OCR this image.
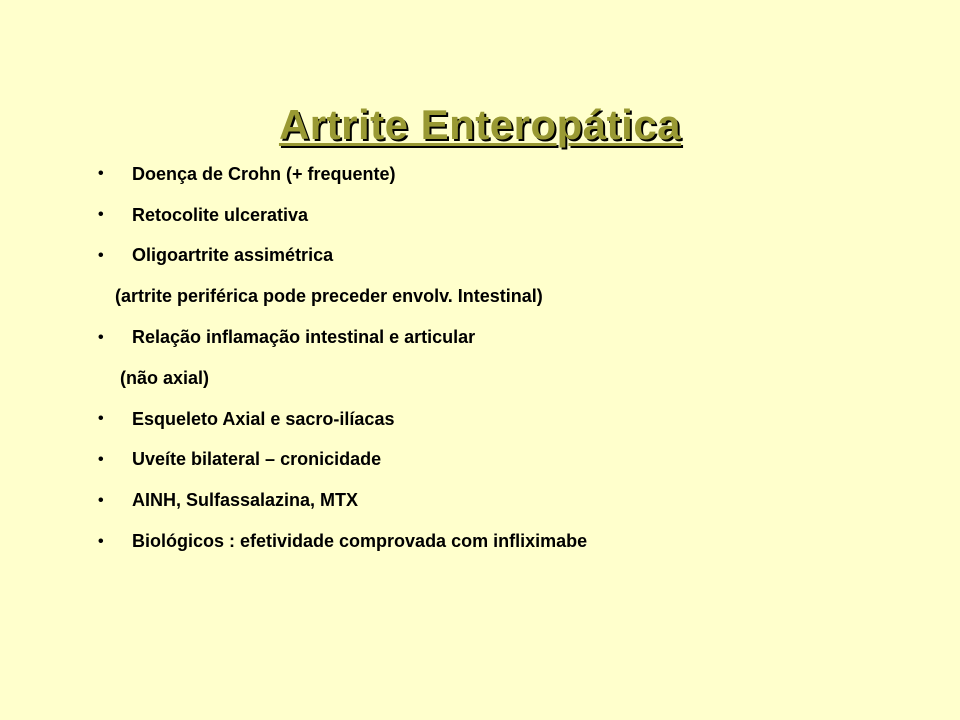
Artrite Enteropática
•	Doença de Crohn (+ frequente)
•	Retocolite ulcerativa
•	Oligoartrite assimétrica
(artrite periférica pode preceder envolv. Intestinal)
•	Relação inflamação intestinal e articular
(não axial)
•	Esqueleto Axial e sacro-ilíacas
•	Uveíte bilateral – cronicidade
•	AINH, Sulfassalazina, MTX
•	Biológicos : efetividade comprovada com infliximabe
